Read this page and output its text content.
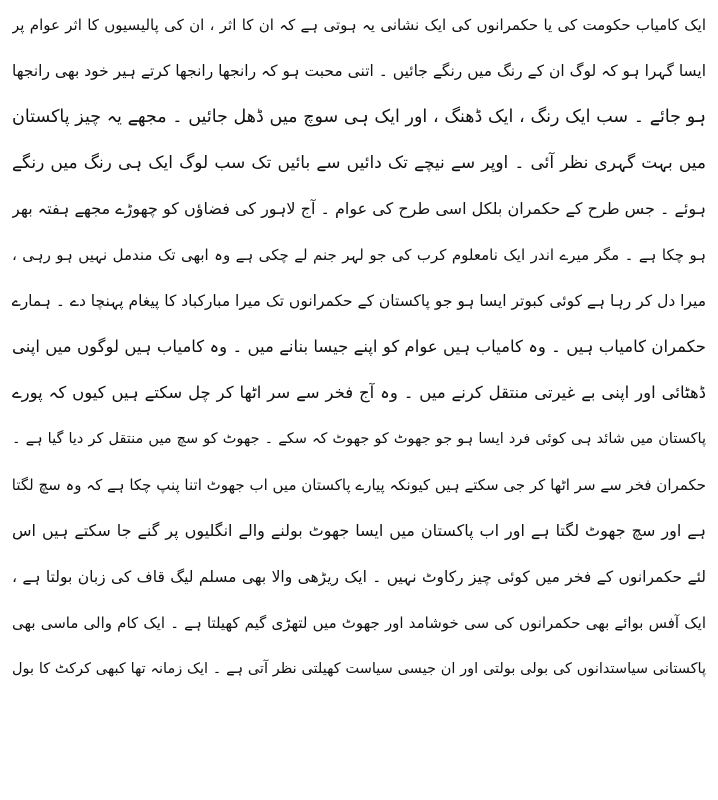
ایک کامیاب حکومت کی یا حکمرانوں کی ایک نشانی یہ ہوتی ہے کہ ان کا اثر ، ان کی پالیسیوں کا اثر عوام پر
ایسا گہرا ہو کہ لوگ ان کے رنگ میں رنگے جائیں ۔ اتنی محبت ہو کہ رانجھا رانجھا کرتے ہیر خود بھی رانجھا
ہو جائے ۔ سب ایک رنگ ، ایک ڈھنگ ، اور ایک ہی سوچ میں ڈھل جائیں ۔ مجھے یہ چیز پاکستان
میں بہت گہری نظر آئی ۔ اوپر سے نیچے تک دائیں سے بائیں تک سب لوگ ایک ہی رنگ میں رنگے
ہوئے ۔ جس طرح کے حکمران بلکل اسی طرح کی عوام ۔ آج لاہور کی فضاؤں کو چھوڑے مجھے ہفتہ بھر
ہو چکا ہے ۔ مگر میرے اندر ایک نامعلوم کرب کی جو لہر جنم لے چکی ہے وہ ابھی تک مندمل نہیں ہو رہی ،
میرا دل کر رہا ہے کوئی کبوتر ایسا ہو جو پاکستان کے حکمرانوں تک میرا مبارکباد کا پیغام پہنچا دے ۔ ہمارے
حکمران کامیاب ہیں ۔ وہ کامیاب ہیں عوام کو اپنے جیسا بنانے میں ۔ وہ کامیاب ہیں لوگوں میں اپنی
ڈھٹائی اور اپنی بے غیرتی منتقل کرنے میں ۔ وہ آج فخر سے سر اٹھا کر چل سکتے ہیں کیوں کہ پورے
پاکستان میں شائد ہی کوئی فرد ایسا ہو جو جھوٹ کو جھوٹ کہ سکے ۔ جھوٹ کو سچ میں منتقل کر دیا گیا ہے ۔
حکمران فخر سے سر اٹھا کر جی سکتے ہیں کیونکہ پیارے پاکستان میں اب جھوٹ اتنا پنپ چکا ہے کہ وہ سچ لگتا
ہے اور سچ جھوٹ لگتا ہے اور اب پاکستان میں ایسا جھوٹ بولنے والے انگلیوں پر گنے جا سکتے ہیں اس
لئے حکمرانوں کے فخر میں کوئی چیز رکاوٹ نہیں ۔ ایک ریڑھی والا بھی مسلم لیگ قاف کی زبان بولتا ہے ،
ایک آفس بوائے بھی حکمرانوں کی سی خوشامد اور جھوٹ میں لتھڑی گیم کھیلتا ہے ۔ ایک کام والی ماسی بھی
پاکستانی سیاستدانوں کی بولی بولتی اور ان جیسی سیاست کھیلتی نظر آتی ہے ۔ ایک زمانہ تھا کبھی کرکٹ کا بول
